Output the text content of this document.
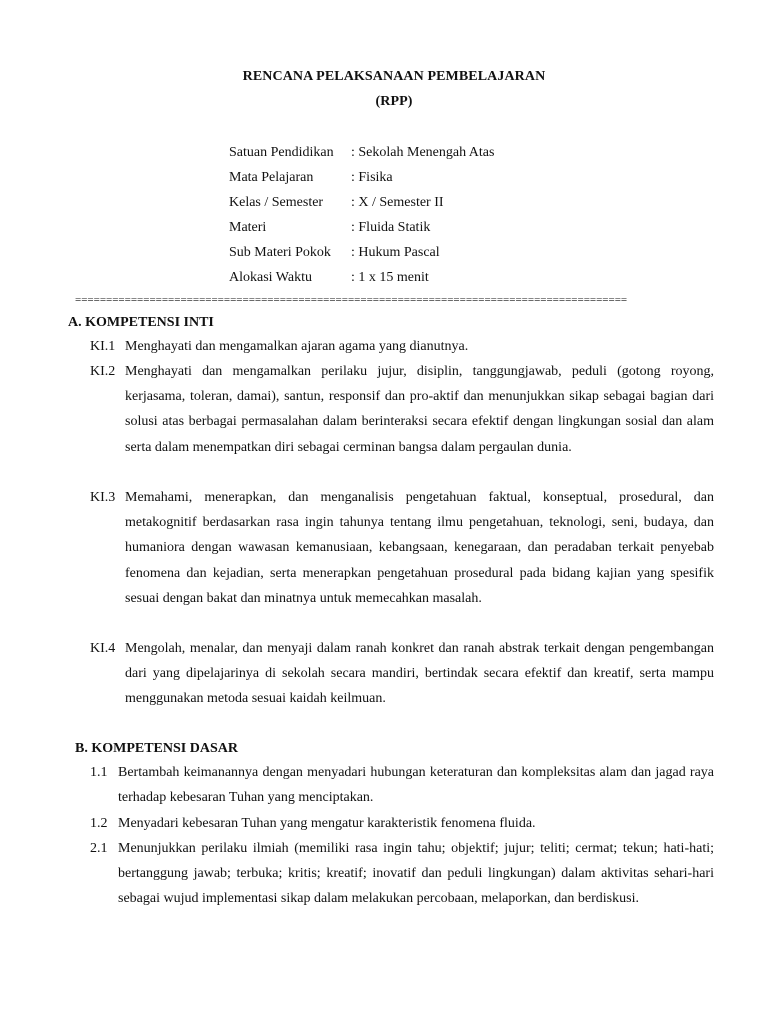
RENCANA PELAKSANAAN PEMBELAJARAN
(RPP)
Satuan Pendidikan	: Sekolah Menengah Atas
Mata Pelajaran	: Fisika
Kelas / Semester	: X / Semester II
Materi	: Fluida Statik
Sub Materi Pokok	: Hukum Pascal
Alokasi Waktu	: 1 x 15 menit
=========================================================================================
A. KOMPETENSI INTI
KI.1 Menghayati dan mengamalkan ajaran agama yang dianutnya.
KI.2 Menghayati dan mengamalkan perilaku jujur, disiplin, tanggungjawab, peduli (gotong royong, kerjasama, toleran, damai), santun, responsif dan pro-aktif dan menunjukkan sikap sebagai bagian dari solusi atas berbagai permasalahan dalam berinteraksi secara efektif dengan lingkungan sosial dan alam serta dalam menempatkan diri sebagai cerminan bangsa dalam pergaulan dunia.
KI.3 Memahami, menerapkan, dan menganalisis pengetahuan faktual, konseptual, prosedural, dan metakognitif berdasarkan rasa ingin tahunya tentang ilmu pengetahuan, teknologi, seni, budaya, dan humaniora dengan wawasan kemanusiaan, kebangsaan, kenegaraan, dan peradaban terkait penyebab fenomena dan kejadian, serta menerapkan pengetahuan prosedural pada bidang kajian yang spesifik sesuai dengan bakat dan minatnya untuk memecahkan masalah.
KI.4 Mengolah, menalar, dan menyaji dalam ranah konkret dan ranah abstrak terkait dengan pengembangan dari yang dipelajarinya di sekolah secara mandiri, bertindak secara efektif dan kreatif, serta mampu menggunakan metoda sesuai kaidah keilmuan.
B. KOMPETENSI DASAR
1.1 Bertambah keimanannya dengan menyadari hubungan keteraturan dan kompleksitas alam dan jagad raya terhadap kebesaran Tuhan yang menciptakan.
1.2 Menyadari kebesaran Tuhan yang mengatur karakteristik fenomena fluida.
2.1 Menunjukkan perilaku ilmiah (memiliki rasa ingin tahu; objektif; jujur; teliti; cermat; tekun; hati-hati; bertanggung jawab; terbuka; kritis; kreatif; inovatif dan peduli lingkungan) dalam aktivitas sehari-hari sebagai wujud implementasi sikap dalam melakukan percobaan, melaporkan, dan berdiskusi.
